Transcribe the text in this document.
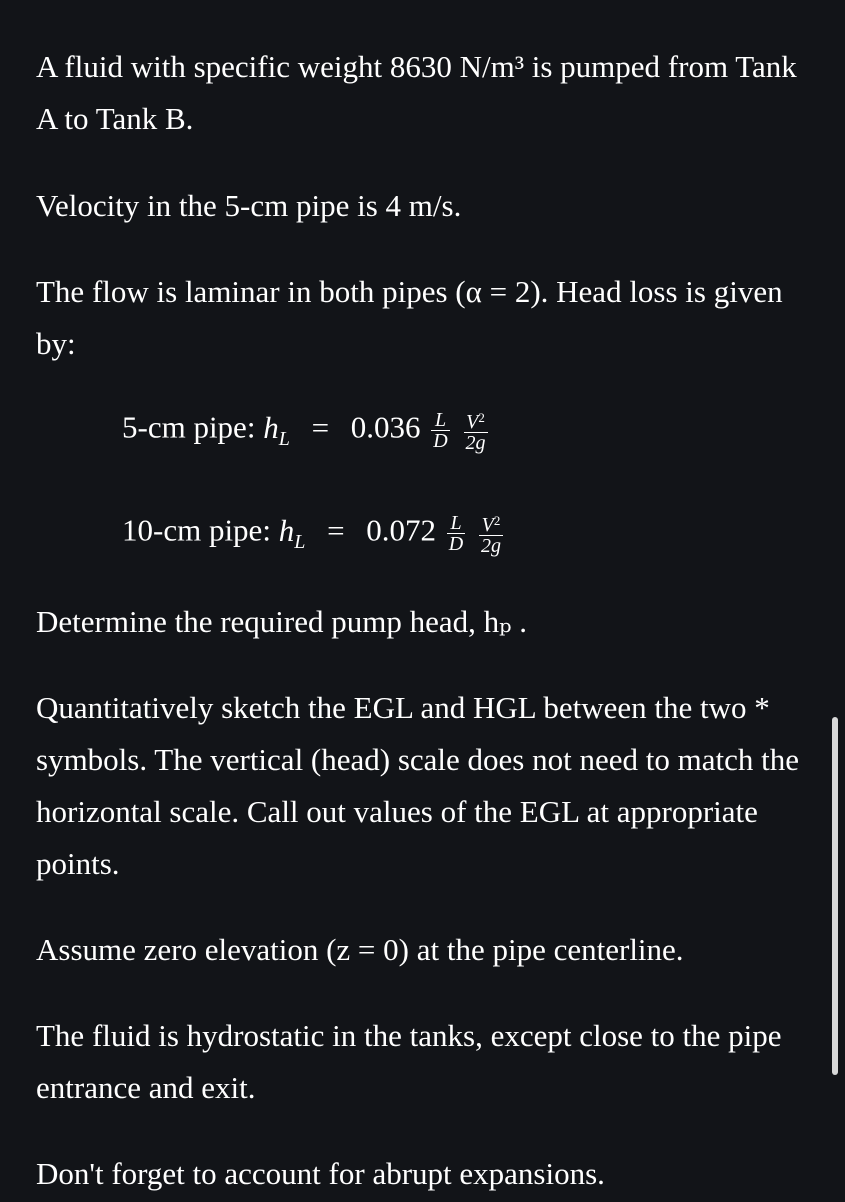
A fluid with specific weight 8630 N/m³ is pumped from Tank A to Tank B.

Velocity in the 5-cm pipe is 4 m/s.

The flow is laminar in both pipes (α = 2). Head loss is given by:

5-cm pipe: $h_L = 0.036 \frac{L}{D}$
$\frac{V^2}{2g}$
10-cm pipe: $h_L = 0.072 \frac{L}{D}$
$\frac{V^2}{2g}$

Determine the required pump head, hₚ .

Quantitatively sketch the EGL and HGL between the two * symbols. The vertical (head) scale does not need to match the horizontal scale. Call out values of the EGL at appropriate points.

Assume zero elevation (z = 0) at the pipe centerline.

The fluid is hydrostatic in the tanks, except close to the pipe entrance and exit.

Don't forget to account for abrupt expansions.
